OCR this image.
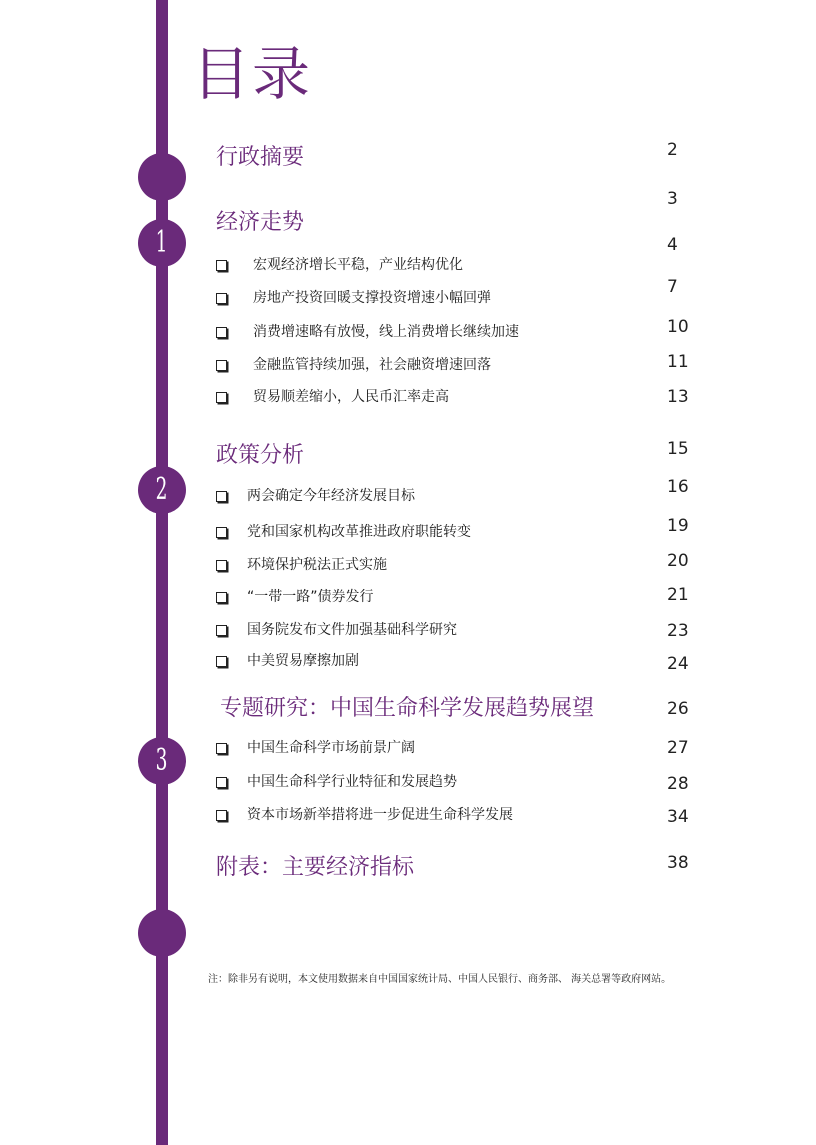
1
2
3
目录
行政摘要
经济走势
政策分析
专题研究：中国生命科学发展趋势展望
附表：主要经济指标
宏观经济增长平稳，产业结构优化
房地产投资回暖支撑投资增速小幅回弹
消费增速略有放慢，线上消费增长继续加速
金融监管持续加强，社会融资增速回落
贸易顺差缩小，人民币汇率走高
两会确定今年经济发展目标
党和国家机构改革推进政府职能转变
环境保护税法正式实施
“一带一路”债券发行
国务院发布文件加强基础科学研究
中美贸易摩擦加剧
中国生命科学市场前景广阔
中国生命科学行业特征和发展趋势
资本市场新举措将进一步促进生命科学发展
2
3
4
7
10
11
13
15
16
19
20
21
23
24
26
27
28
34
38
注：除非另有说明，本文使用数据来自中国国家统计局、中国人民银行、商务部、 海关总署等政府网站。
